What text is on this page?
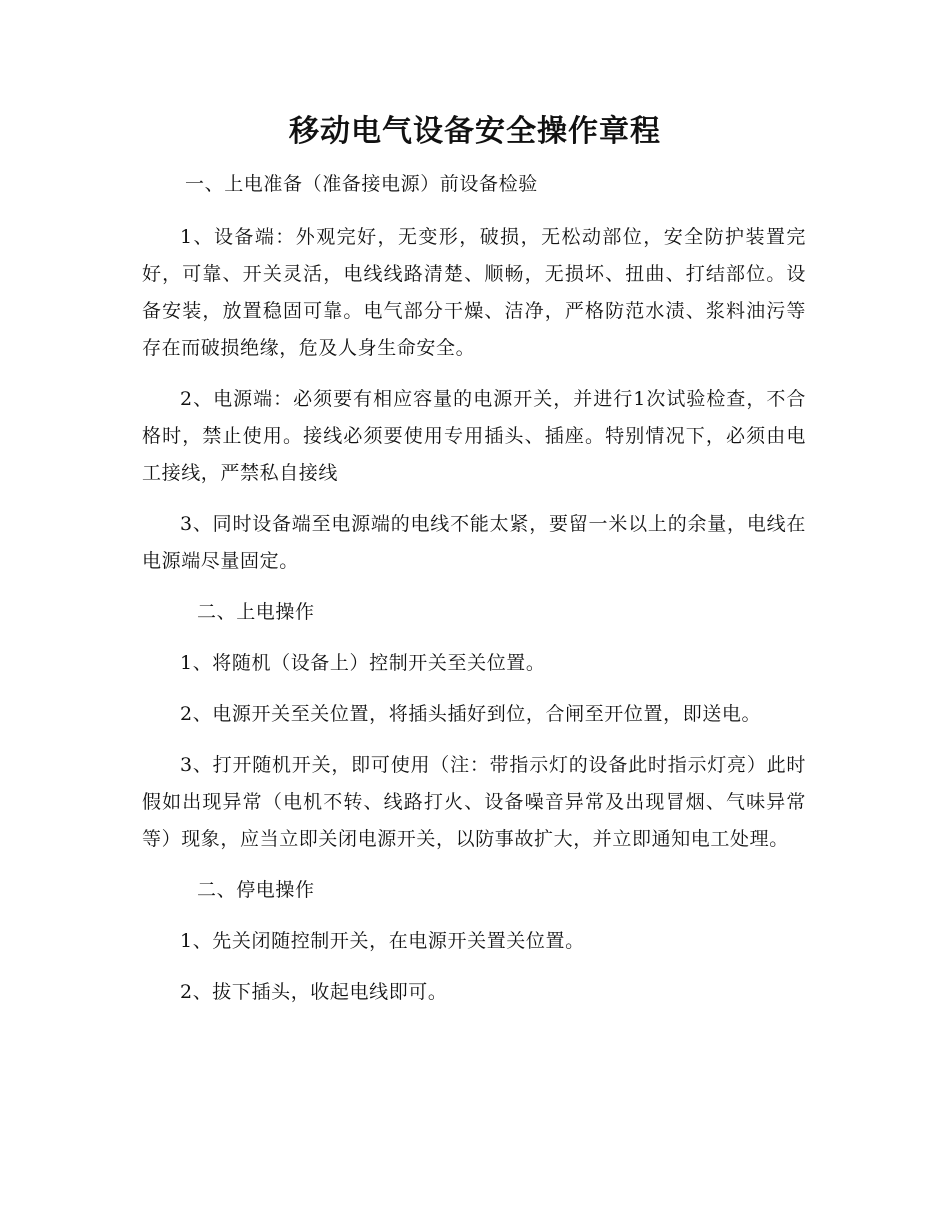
移动电气设备安全操作章程

一、上电准备（准备接电源）前设备检验

1、设备端：外观完好，无变形，破损，无松动部位，安全防护装置完好，可靠、开关灵活，电线线路清楚、顺畅，无损坏、扭曲、打结部位。设备安装，放置稳固可靠。电气部分干燥、洁净，严格防范水渍、浆料油污等存在而破损绝缘，危及人身生命安全。

2、电源端：必须要有相应容量的电源开关，并进行1次试验检查，不合格时，禁止使用。接线必须要使用专用插头、插座。特别情况下，必须由电工接线，严禁私自接线

3、同时设备端至电源端的电线不能太紧，要留一米以上的余量，电线在电源端尽量固定。

二、上电操作

1、将随机（设备上）控制开关至关位置。

2、电源开关至关位置，将插头插好到位，合闸至开位置，即送电。

3、打开随机开关，即可使用（注：带指示灯的设备此时指示灯亮）此时假如出现异常（电机不转、线路打火、设备噪音异常及出现冒烟、气味异常等）现象，应当立即关闭电源开关，以防事故扩大，并立即通知电工处理。

二、停电操作

1、先关闭随控制开关，在电源开关置关位置。

2、拔下插头，收起电线即可。
